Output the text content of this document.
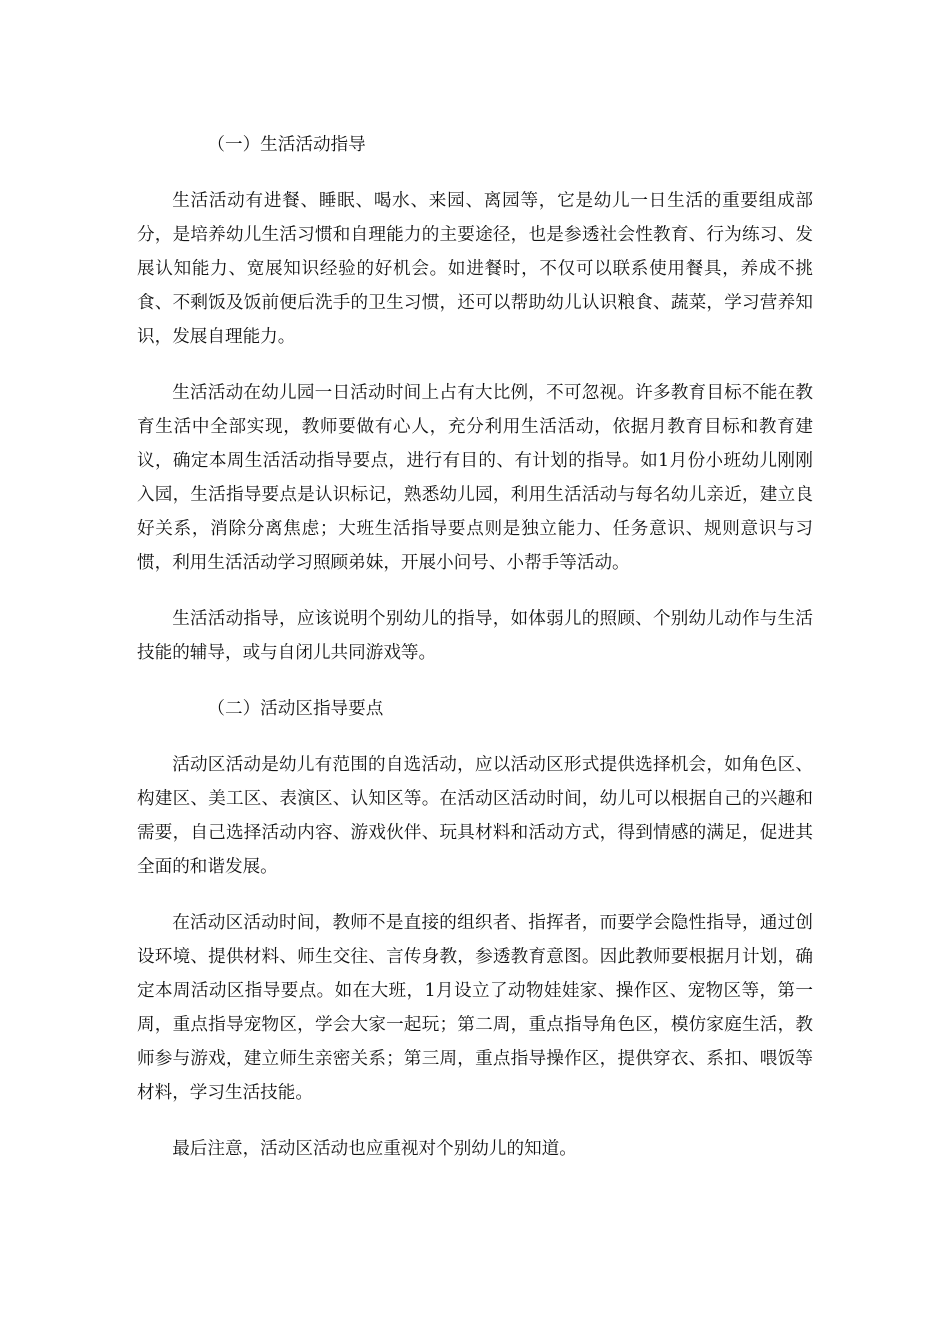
（一）生活活动指导

生活活动有进餐、睡眠、喝水、来园、离园等，它是幼儿一日生活的重要组成部分，是培养幼儿生活习惯和自理能力的主要途径，也是参透社会性教育、行为练习、发展认知能力、宽展知识经验的好机会。如进餐时，不仅可以联系使用餐具，养成不挑食、不剩饭及饭前便后洗手的卫生习惯，还可以帮助幼儿认识粮食、蔬菜，学习营养知识，发展自理能力。

生活活动在幼儿园一日活动时间上占有大比例，不可忽视。许多教育目标不能在教育生活中全部实现，教师要做有心人，充分利用生活活动，依据月教育目标和教育建议，确定本周生活活动指导要点，进行有目的、有计划的指导。如1月份小班幼儿刚刚入园，生活指导要点是认识标记，熟悉幼儿园，利用生活活动与每名幼儿亲近，建立良好关系，消除分离焦虑；大班生活指导要点则是独立能力、任务意识、规则意识与习惯，利用生活活动学习照顾弟妹，开展小问号、小帮手等活动。

生活活动指导，应该说明个别幼儿的指导，如体弱儿的照顾、个别幼儿动作与生活技能的辅导，或与自闭儿共同游戏等。

（二）活动区指导要点

活动区活动是幼儿有范围的自选活动，应以活动区形式提供选择机会，如角色区、构建区、美工区、表演区、认知区等。在活动区活动时间，幼儿可以根据自己的兴趣和需要，自己选择活动内容、游戏伙伴、玩具材料和活动方式，得到情感的满足，促进其全面的和谐发展。

在活动区活动时间，教师不是直接的组织者、指挥者，而要学会隐性指导，通过创设环境、提供材料、师生交往、言传身教，参透教育意图。因此教师要根据月计划，确定本周活动区指导要点。如在大班，1月设立了动物娃娃家、操作区、宠物区等，第一周，重点指导宠物区，学会大家一起玩；第二周，重点指导角色区，模仿家庭生活，教师参与游戏，建立师生亲密关系；第三周，重点指导操作区，提供穿衣、系扣、喂饭等材料，学习生活技能。

最后注意，活动区活动也应重视对个别幼儿的知道。
